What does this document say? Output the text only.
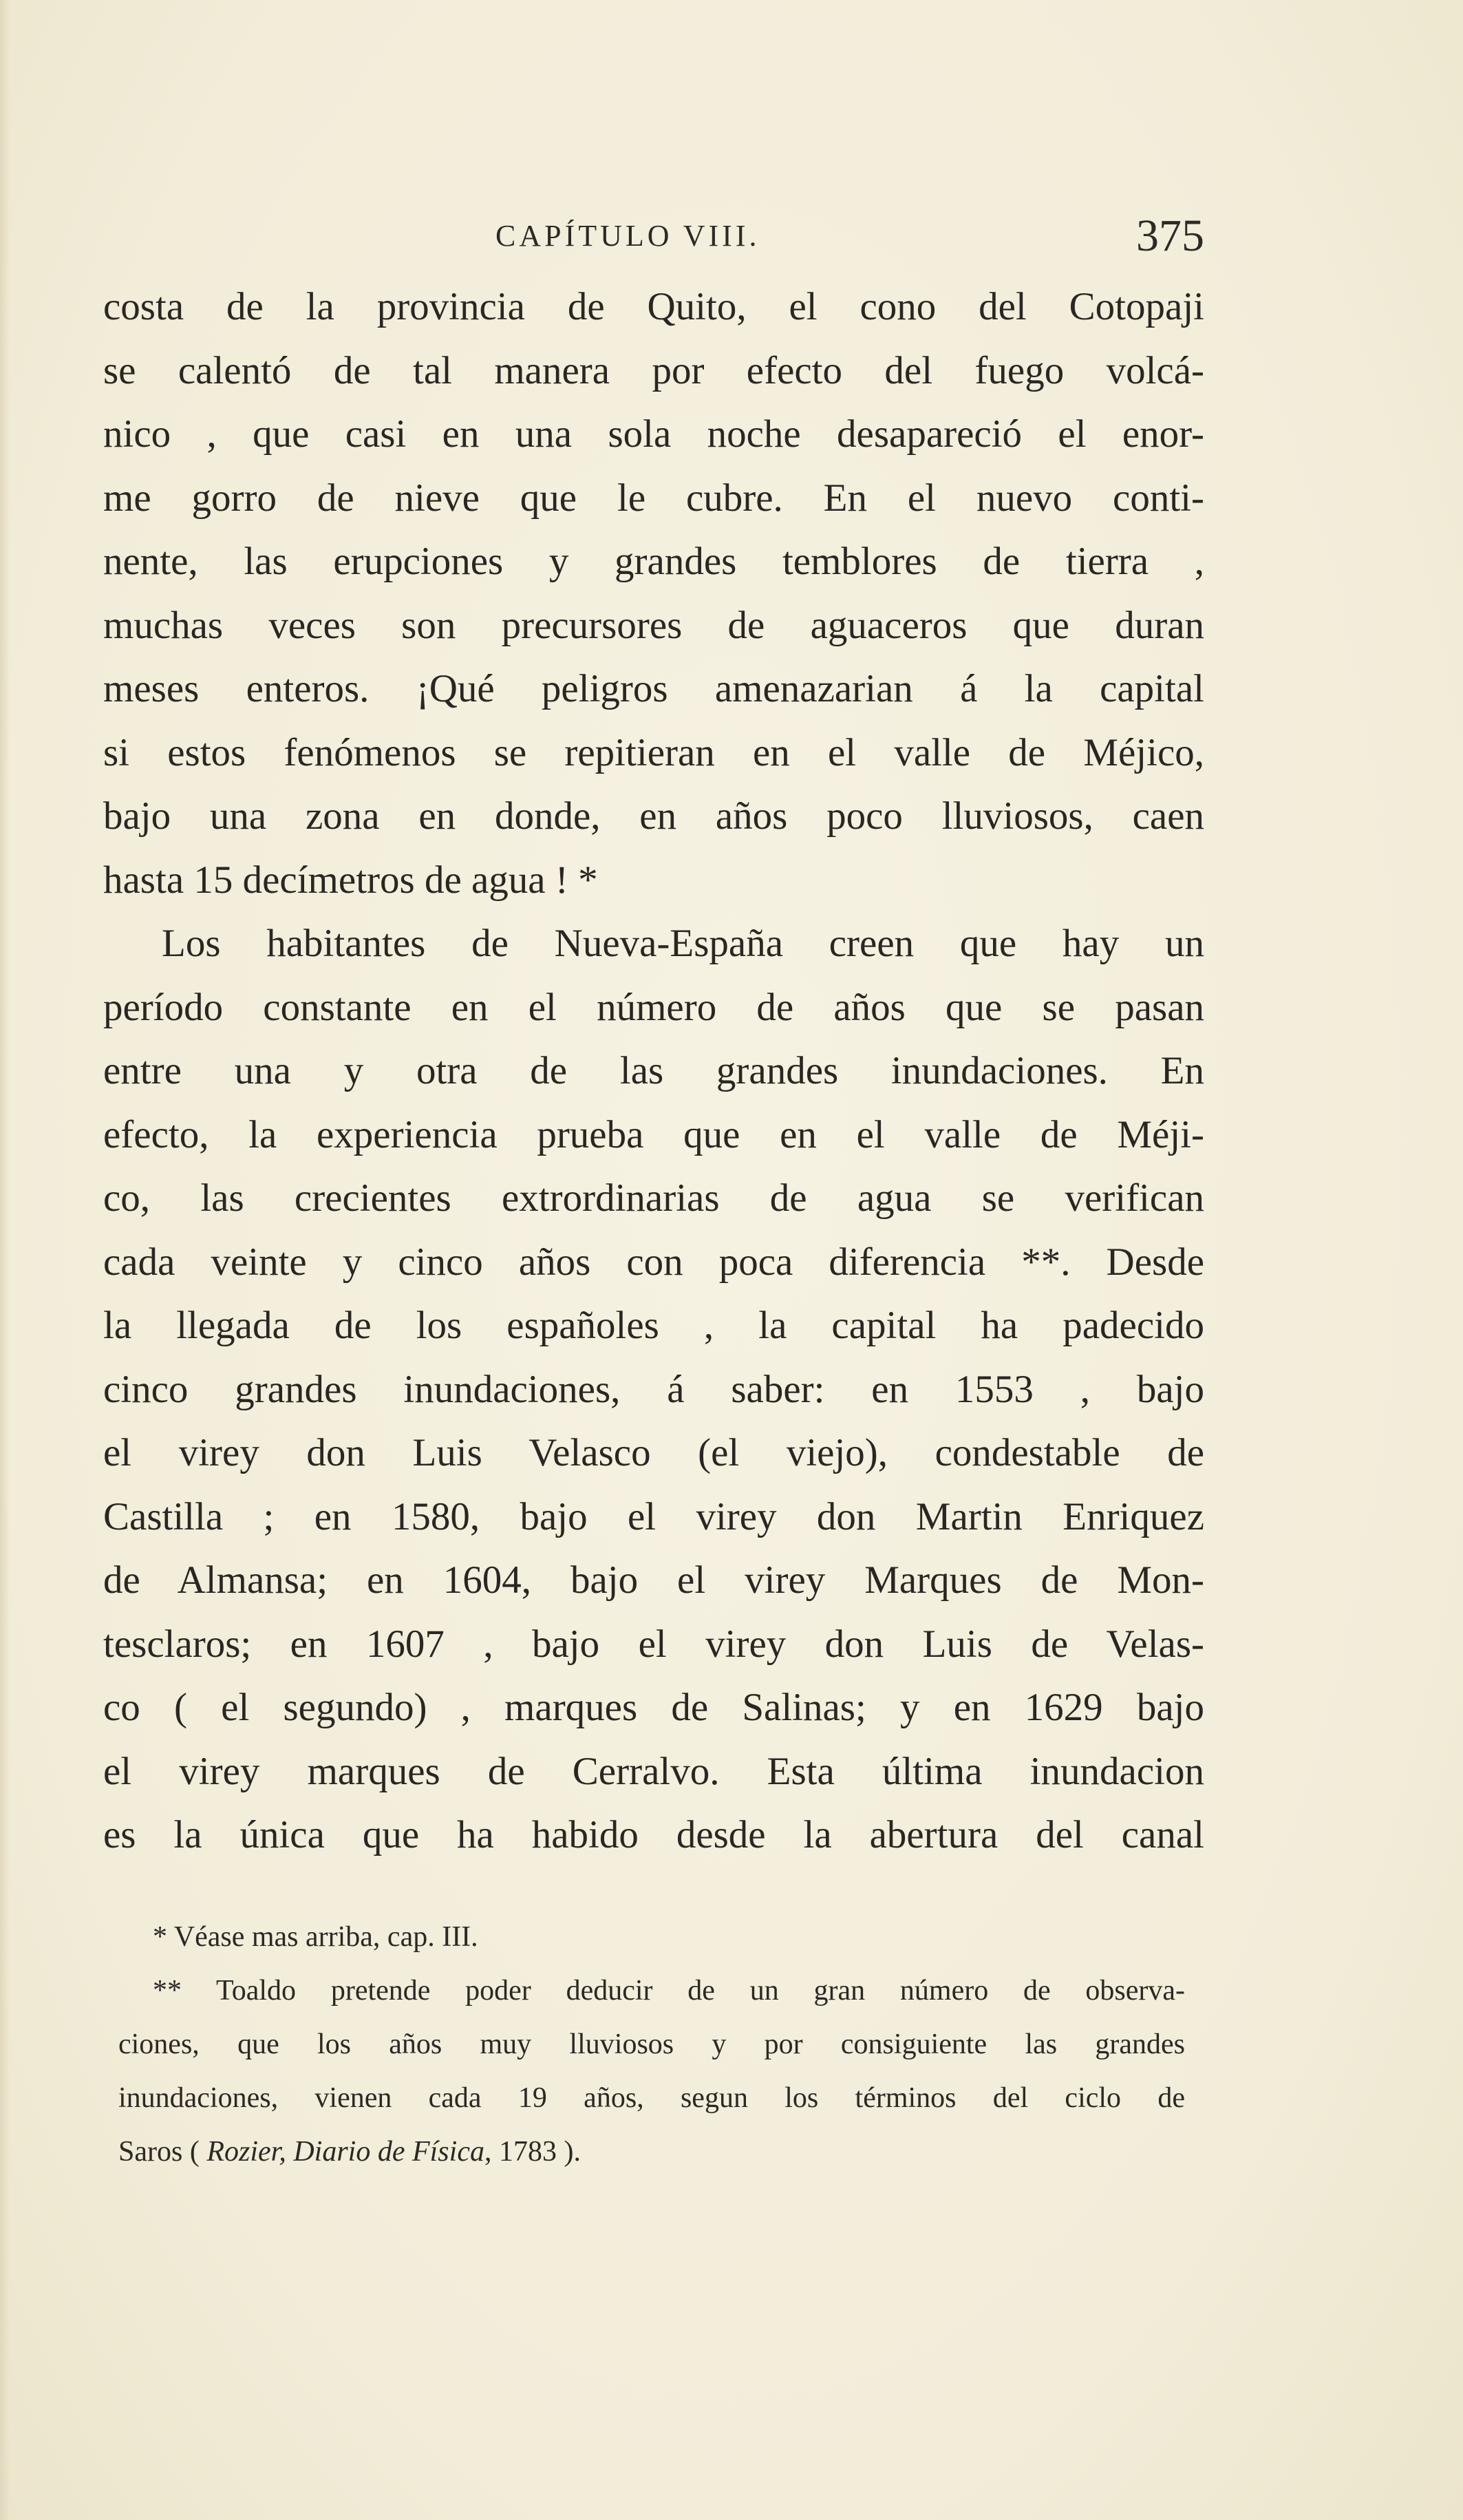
CAPÍTULO VIII.	375
costa de la provincia de Quito, el cono del Cotopaji
se calentó de tal manera por efecto del fuego volcá-
nico , que casi en una sola noche desapareció el enor-
me gorro de nieve que le cubre. En el nuevo conti-
nente, las erupciones y grandes temblores de tierra ,
muchas veces son precursores de aguaceros que duran
meses enteros. ¡Qué peligros amenazarian á la capital
si estos fenómenos se repitieran en el valle de Méjico,
bajo una zona en donde, en años poco lluviosos, caen
hasta 15 decímetros de agua ! *
Los habitantes de Nueva-España creen que hay un
período constante en el número de años que se pasan
entre una y otra de las grandes inundaciones. En
efecto, la experiencia prueba que en el valle de Méji-
co, las crecientes extrordinarias de agua se verifican
cada veinte y cinco años con poca diferencia **. Desde
la llegada de los españoles , la capital ha padecido
cinco grandes inundaciones, á saber: en 1553 , bajo
el virey don Luis Velasco (el viejo), condestable de
Castilla ; en 1580, bajo el virey don Martin Enriquez
de Almansa; en 1604, bajo el virey Marques de Mon-
tesclaros; en 1607 , bajo el virey don Luis de Velas-
co ( el segundo) , marques de Salinas; y en 1629 bajo
el virey marques de Cerralvo. Esta última inundacion
es la única que ha habido desde la abertura del canal
* Véase mas arriba, cap. III.
** Toaldo pretende poder deducir de un gran número de observa-
ciones, que los años muy lluviosos y por consiguiente las grandes
inundaciones, vienen cada 19 años, segun los términos del ciclo de
Saros ( Rozier, Diario de Física, 1783 ).
